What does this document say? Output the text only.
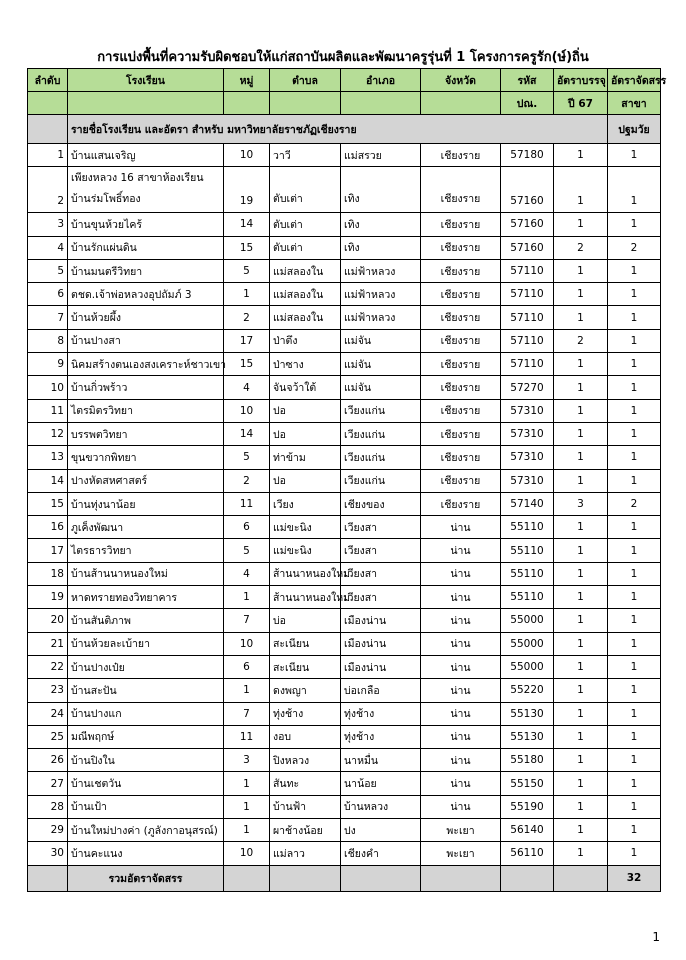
การแบ่งพื้นที่ความรับผิดชอบให้แก่สถาบันผลิตและพัฒนาครูรุ่นที่ 1 โครงการครูรัก(ษ์)ถิ่น
ลำดับ	โรงเรียน	หมู่	ตำบล	อำเภอ	จังหวัด	รหัส	อัตราบรรจุ	อัตราจัดสรร
						ปณ.	ปี 67	สาขา
	รายชื่อโรงเรียน และอัตรา สำหรับ มหาวิทยาลัยราชภัฏเชียงราย							ปฐมวัย
1	บ้านแสนเจริญ	10	วาวี	แม่สรวย	เชียงราย	57180	1	1
2	เพียงหลวง 16 สาขาห้องเรียน
บ้านร่มโพธิ์ทอง	19	ตับเต่า	เทิง	เชียงราย	57160	1	1
3	บ้านขุนห้วยไคร้	14	ตับเต่า	เทิง	เชียงราย	57160	1	1
4	บ้านรักแผ่นดิน	15	ตับเต่า	เทิง	เชียงราย	57160	2	2
5	บ้านมนตรีวิทยา	5	แม่สลองใน	แม่ฟ้าหลวง	เชียงราย	57110	1	1
6	ตชด.เจ้าพ่อหลวงอุปถัมภ์ 3	1	แม่สลองใน	แม่ฟ้าหลวง	เชียงราย	57110	1	1
7	บ้านห้วยผึ้ง	2	แม่สลองใน	แม่ฟ้าหลวง	เชียงราย	57110	1	1
8	บ้านปางสา	17	ป่าตึง	แม่จัน	เชียงราย	57110	2	1
9	นิคมสร้างตนเองสงเคราะห์ชาวเขา	15	ป่าซาง	แม่จัน	เชียงราย	57110	1	1
10	บ้านกิ่วพร้าว	4	จันจว้าใต้	แม่จัน	เชียงราย	57270	1	1
11	ไตรมิตรวิทยา	10	ปอ	เวียงแก่น	เชียงราย	57310	1	1
12	บรรพตวิทยา	14	ปอ	เวียงแก่น	เชียงราย	57310	1	1
13	ขุนขวากพิทยา	5	ท่าข้าม	เวียงแก่น	เชียงราย	57310	1	1
14	ปางหัดสหศาสตร์	2	ปอ	เวียงแก่น	เชียงราย	57310	1	1
15	บ้านทุ่งนาน้อย	11	เวียง	เชียงของ	เชียงราย	57140	3	2
16	ภูเค็งพัฒนา	6	แม่ขะนิง	เวียงสา	น่าน	55110	1	1
17	ไตรธารวิทยา	5	แม่ขะนิง	เวียงสา	น่าน	55110	1	1
18	บ้านส้านนาหนองใหม่	4	ส้านนาหนองใหม่	เวียงสา	น่าน	55110	1	1
19	หาดทรายทองวิทยาคาร	1	ส้านนาหนองใหม่	เวียงสา	น่าน	55110	1	1
20	บ้านสันติภาพ	7	บ่อ	เมืองน่าน	น่าน	55000	1	1
21	บ้านห้วยละเบ้ายา	10	สะเนียน	เมืองน่าน	น่าน	55000	1	1
22	บ้านปางเป๋ย	6	สะเนียน	เมืองน่าน	น่าน	55000	1	1
23	บ้านสะปัน	1	ดงพญา	บ่อเกลือ	น่าน	55220	1	1
24	บ้านปางแก	7	ทุ่งช้าง	ทุ่งช้าง	น่าน	55130	1	1
25	มณีพฤกษ์	11	งอบ	ทุ่งช้าง	น่าน	55130	1	1
26	บ้านปิงใน	3	ปิงหลวง	นาหมื่น	น่าน	55180	1	1
27	บ้านเชตวัน	1	สันทะ	นาน้อย	น่าน	55150	1	1
28	บ้านเป้า	1	บ้านฟ้า	บ้านหลวง	น่าน	55190	1	1
29	บ้านใหม่ปางค่า (ภูลังกาอนุสรณ์)	1	ผาช้างน้อย	ปง	พะเยา	56140	1	1
30	บ้านคะแนง	10	แม่ลาว	เชียงคำ	พะเยา	56110	1	1
	รวมอัตราจัดสรร							32
1
